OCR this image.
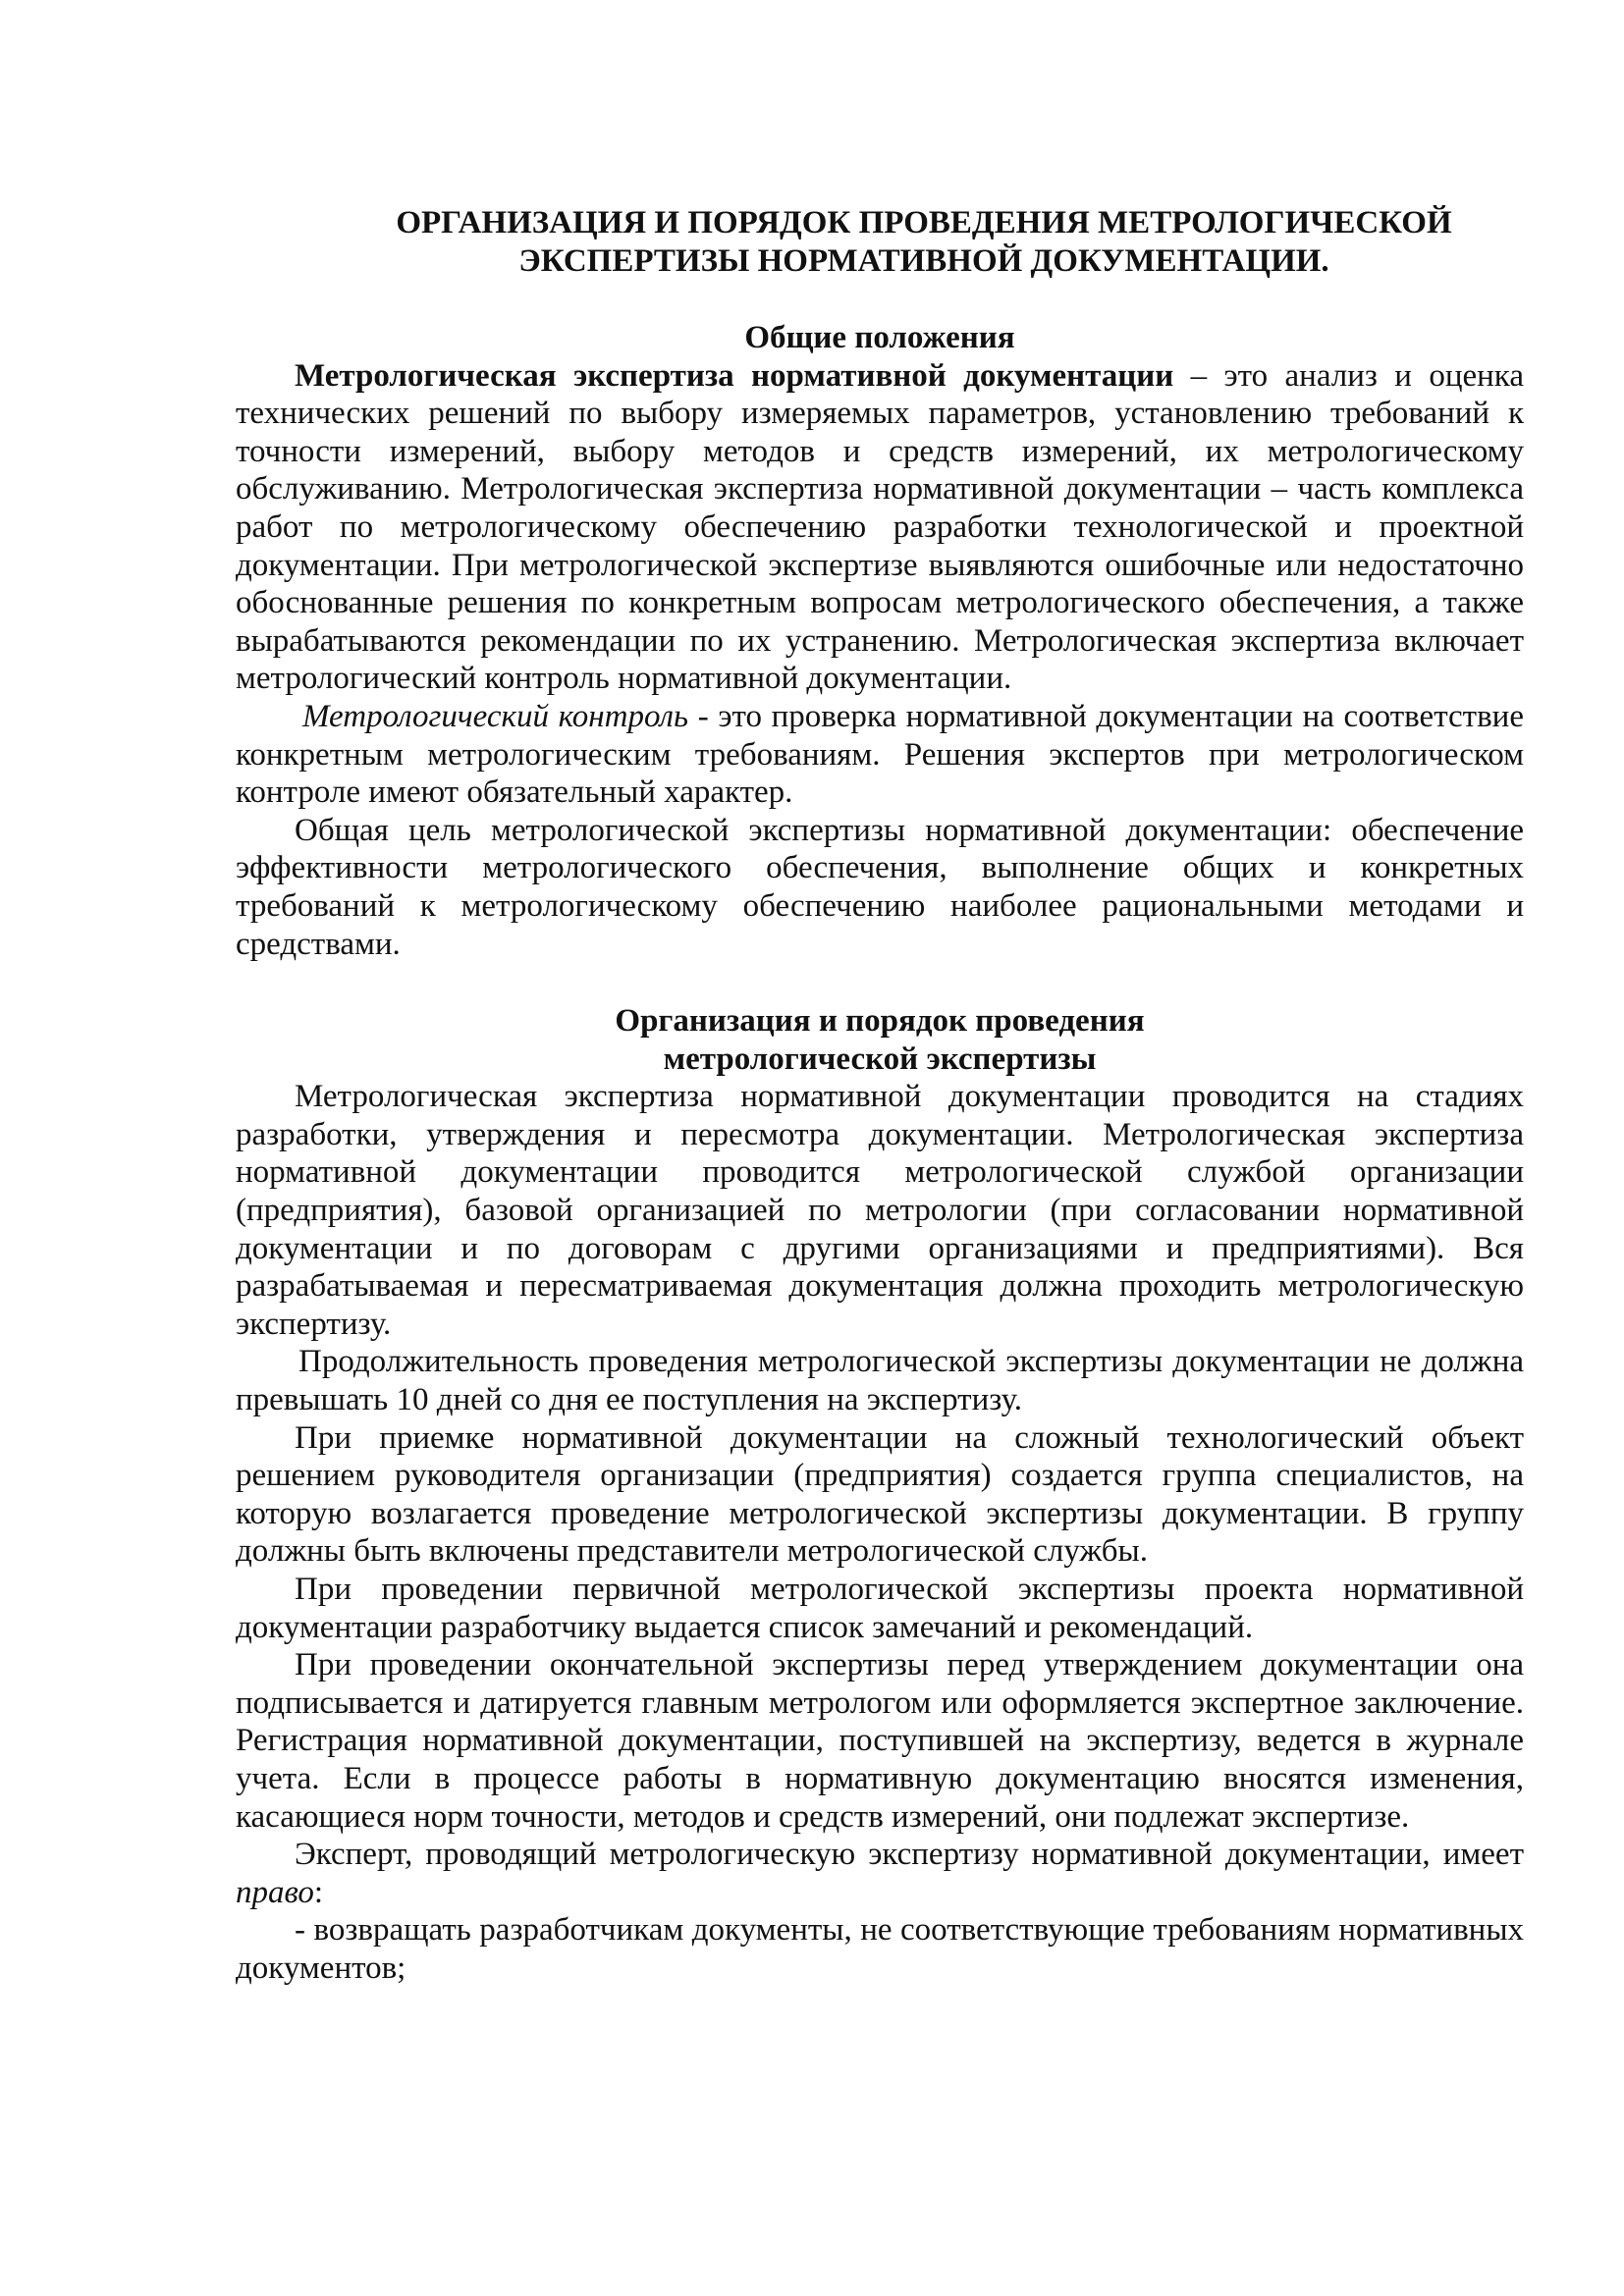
ОРГАНИЗАЦИЯ И ПОРЯДОК ПРОВЕДЕНИЯ МЕТРОЛОГИЧЕСКОЙ
ЭКСПЕРТИЗЫ НОРМАТИВНОЙ ДОКУМЕНТАЦИИ.
Общие положения

Метрологическая экспертиза нормативной документации – это анализ и оценка технических решений по выбору измеряемых параметров, установлению требований к точности измерений, выбору методов и средств измерений, их метрологическому обслуживанию. Метрологическая экспертиза нормативной документации – часть комплекса работ по метрологическому обеспечению разработки технологической и проектной документации. При метрологической экспертизе выявляются ошибочные или недостаточно обоснованные решения по конкретным вопросам метрологического обеспечения, а также вырабатываются рекомендации по их устранению. Метрологическая экспертиза включает метрологический контроль нормативной документации.

Метрологический контроль - это проверка нормативной документации на соответствие конкретным метрологическим требованиям. Решения экспертов при метрологическом контроле имеют обязательный характер.

Общая цель метрологической экспертизы нормативной документации: обеспечение эффективности метрологического обеспечения, выполнение общих и конкретных требований к метрологическому обеспечению наиболее рациональными методами и средствами.

Организация и порядок проведения
метрологической экспертизы

Метрологическая экспертиза нормативной документации проводится на стадиях разработки, утверждения и пересмотра документации. Метрологическая экспертиза нормативной документации проводится метрологической службой организации (предприятия), базовой организацией по метрологии (при согласовании нормативной документации и по договорам с другими организациями и предприятиями). Вся разрабатываемая и пересматриваемая документация должна проходить метрологическую экспертизу.

Продолжительность проведения метрологической экспертизы документации не должна превышать 10 дней со дня ее поступления на экспертизу.

При приемке нормативной документации на сложный технологический объект решением руководителя организации (предприятия) создается группа специалистов, на которую возлагается проведение метрологической экспертизы документации. В группу должны быть включены представители метрологической службы.

При проведении первичной метрологической экспертизы проекта нормативной документации разработчику выдается список замечаний и рекомендаций.

При проведении окончательной экспертизы перед утверждением документации она подписывается и датируется главным метрологом или оформляется экспертное заключение. Регистрация нормативной документации, поступившей на экспертизу, ведется в журнале учета. Если в процессе работы в нормативную документацию вносятся изменения, касающиеся норм точности, методов и средств измерений, они подлежат экспертизе.

Эксперт, проводящий метрологическую экспертизу нормативной документации, имеет право:

- возвращать разработчикам документы, не соответствующие требованиям нормативных документов;
